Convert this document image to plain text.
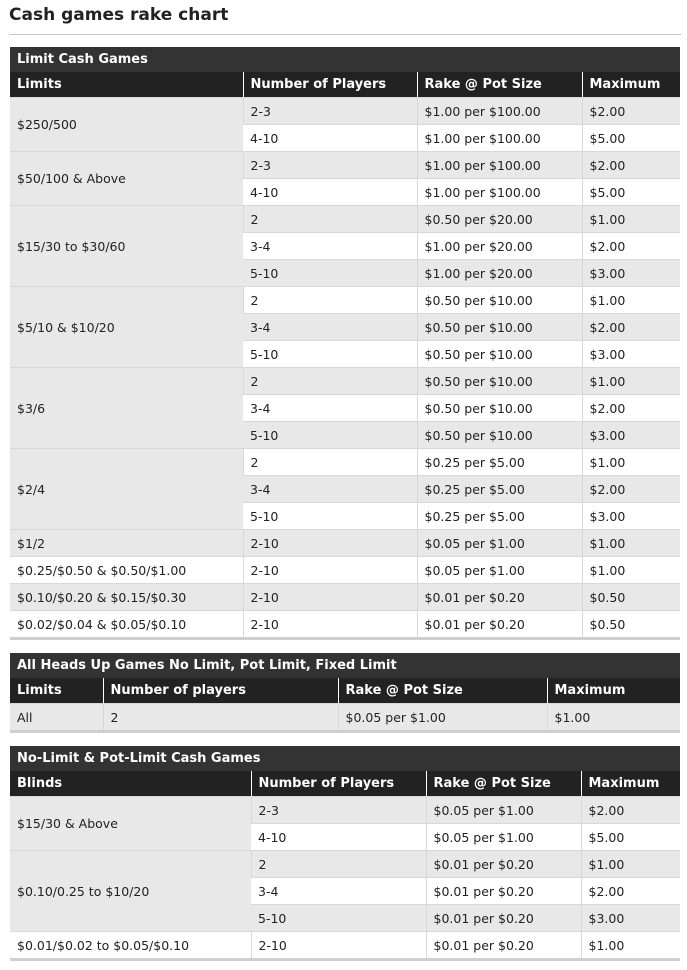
Cash games rake chart
Limit Cash Games
Limits	Number of Players	Rake @ Pot Size	Maximum
$250/500	2-3	$1.00 per $100.00	$2.00
	4-10	$1.00 per $100.00	$5.00
$50/100 & Above	2-3	$1.00 per $100.00	$2.00
	4-10	$1.00 per $100.00	$5.00
$15/30 to $30/60	2	$0.50 per $20.00	$1.00
	3-4	$1.00 per $20.00	$2.00
	5-10	$1.00 per $20.00	$3.00
$5/10 & $10/20	2	$0.50 per $10.00	$1.00
	3-4	$0.50 per $10.00	$2.00
	5-10	$0.50 per $10.00	$3.00
$3/6	2	$0.50 per $10.00	$1.00
	3-4	$0.50 per $10.00	$2.00
	5-10	$0.50 per $10.00	$3.00
$2/4	2	$0.25 per $5.00	$1.00
	3-4	$0.25 per $5.00	$2.00
	5-10	$0.25 per $5.00	$3.00
$1/2	2-10	$0.05 per $1.00	$1.00
$0.25/$0.50 & $0.50/$1.00	2-10	$0.05 per $1.00	$1.00
$0.10/$0.20 & $0.15/$0.30	2-10	$0.01 per $0.20	$0.50
$0.02/$0.04 & $0.05/$0.10	2-10	$0.01 per $0.20	$0.50
All Heads Up Games No Limit, Pot Limit, Fixed Limit
Limits	Number of players	Rake @ Pot Size	Maximum
All	2	$0.05 per $1.00	$1.00
No-Limit & Pot-Limit Cash Games
Blinds	Number of Players	Rake @ Pot Size	Maximum
$15/30 & Above	2-3	$0.05 per $1.00	$2.00
	4-10	$0.05 per $1.00	$5.00
$0.10/0.25 to $10/20	2	$0.01 per $0.20	$1.00
	3-4	$0.01 per $0.20	$2.00
	5-10	$0.01 per $0.20	$3.00
$0.01/$0.02 to $0.05/$0.10	2-10	$0.01 per $0.20	$1.00
